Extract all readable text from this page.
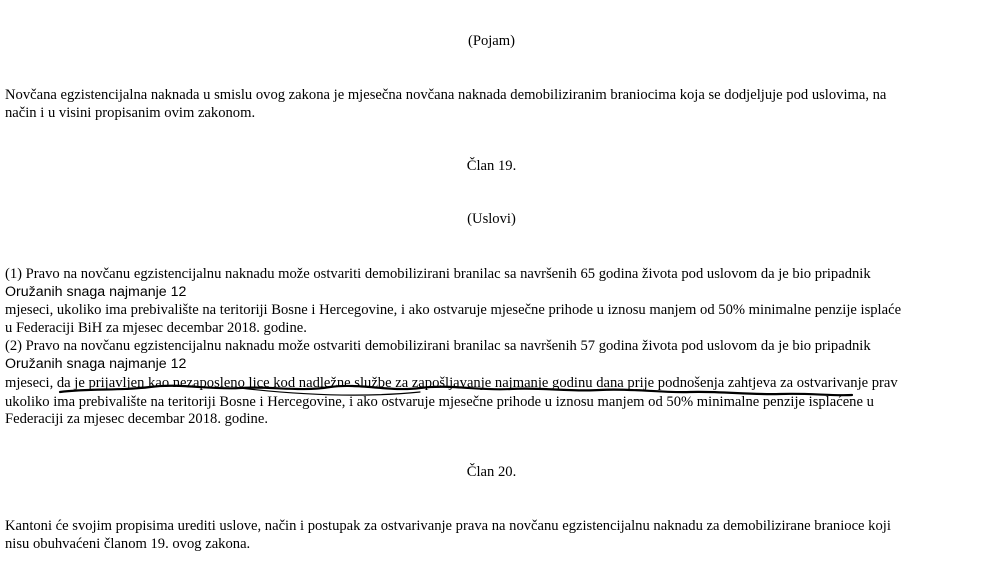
(Pojam)
Novčana egzistencijalna naknada u smislu ovog zakona je mjesečna novčana naknada demobiliziranim braniocima koja se dodjeljuje pod uslovima, na
način i u visini propisanim ovim zakonom.
Član 19.
(Uslovi)
(1) Pravo na novčanu egzistencijalnu naknadu može ostvariti demobilizirani branilac sa navršenih 65 godina života pod uslovom da je bio pripadnik
Oružanih snaga najmanje 12
mjeseci, ukoliko ima prebivalište na teritoriji Bosne i Hercegovine, i ako ostvaruje mjesečne prihode u iznosu manjem od 50% minimalne penzije isplaće
u Federaciji BiH za mjesec decembar 2018. godine.
(2) Pravo na novčanu egzistencijalnu naknadu može ostvariti demobilizirani branilac sa navršenih 57 godina života pod uslovom da je bio pripadnik
Oružanih snaga najmanje 12
mjeseci, da je prijavljen kao nezaposleno lice kod nadležne službe za zapošljavanje najmanje godinu dana prije podnošenja zahtjeva za ostvarivanje prav
ukoliko ima prebivalište na teritoriji Bosne i Hercegovine, i ako ostvaruje mjesečne prihode u iznosu manjem od 50% minimalne penzije isplaćene u
Federaciji za mjesec decembar 2018. godine.
Član 20.
Kantoni će svojim propisima urediti uslove, način i postupak za ostvarivanje prava na novčanu egzistencijalnu naknadu za demobilizirane branioce koji
nisu obuhvaćeni članom 19. ovog zakona.
